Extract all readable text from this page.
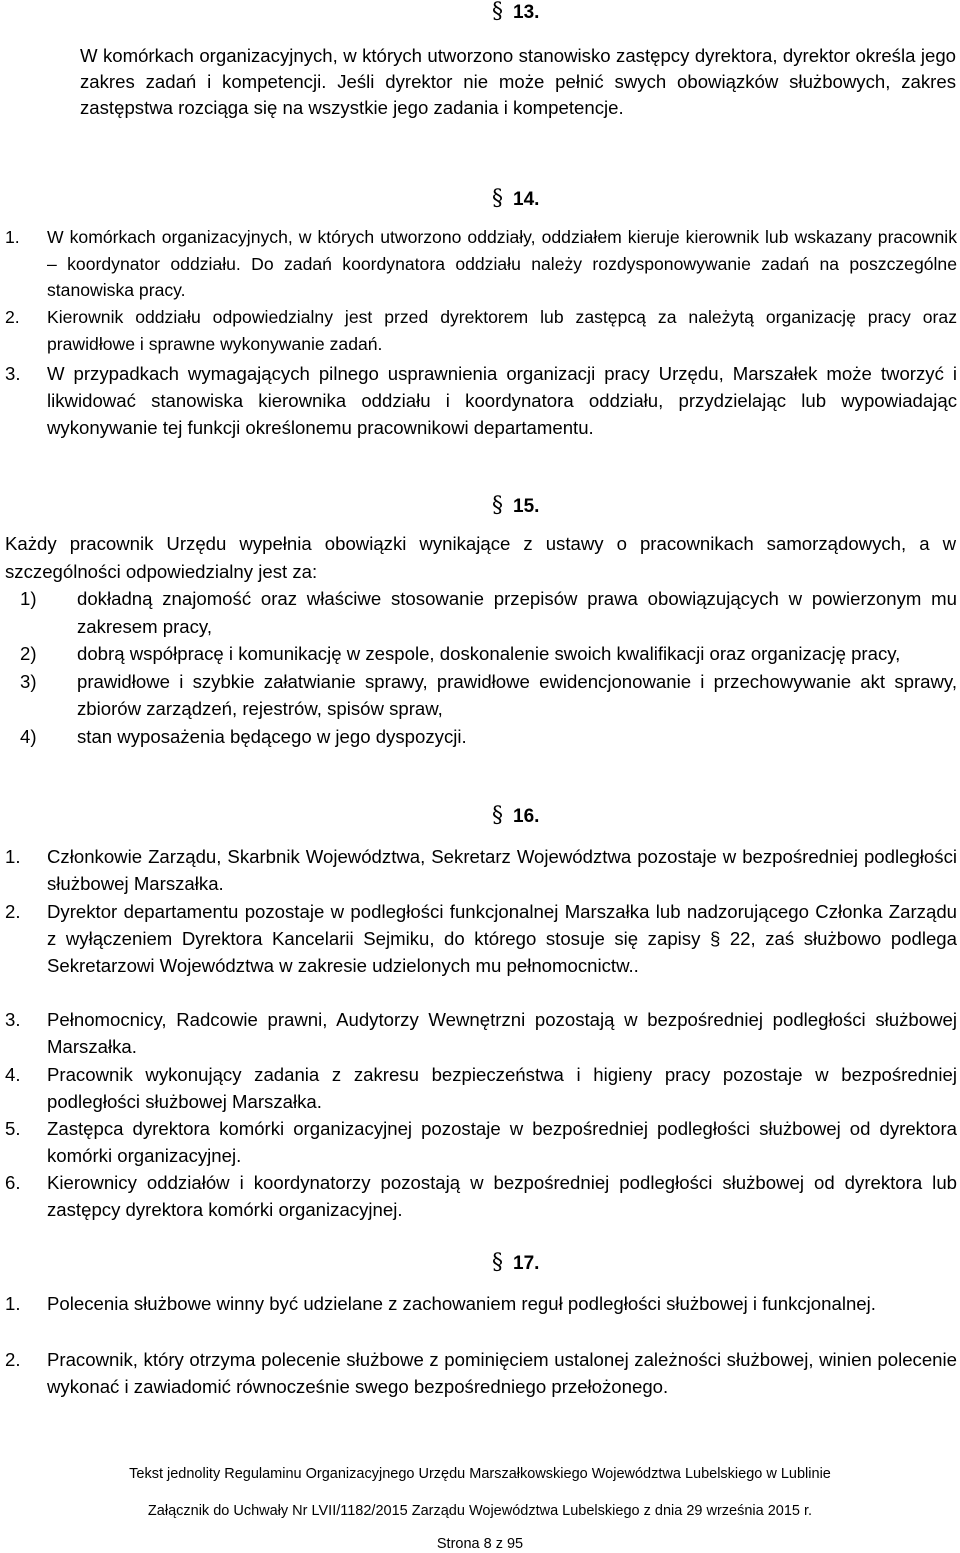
§ 13.
W komórkach organizacyjnych, w których utworzono stanowisko zastępcy dyrektora, dyrektor określa jego zakres zadań i kompetencji. Jeśli dyrektor nie może pełnić swych obowiązków służbowych, zakres zastępstwa rozciąga się na wszystkie jego zadania i kompetencje.
§ 14.
1. W komórkach organizacyjnych, w których utworzono oddziały, oddziałem kieruje kierownik lub wskazany pracownik – koordynator oddziału. Do zadań koordynatora oddziału należy rozdysponowywanie zadań na poszczególne stanowiska pracy.
2. Kierownik oddziału odpowiedzialny jest przed dyrektorem lub zastępcą za należytą organizację pracy oraz prawidłowe i sprawne wykonywanie zadań.
3. W przypadkach wymagających pilnego usprawnienia organizacji pracy Urzędu, Marszałek może tworzyć i likwidować stanowiska kierownika oddziału i koordynatora oddziału, przydzielając lub wypowiadając wykonywanie tej funkcji określonemu pracownikowi departamentu.
§ 15.
Każdy pracownik Urzędu wypełnia obowiązki wynikające z ustawy o pracownikach samorządowych, a w szczególności odpowiedzialny jest za:
1) dokładną znajomość oraz właściwe stosowanie przepisów prawa obowiązujących w powierzonym mu zakresem pracy,
2) dobrą współpracę i komunikację w zespole, doskonalenie swoich kwalifikacji oraz organizację pracy,
3) prawidłowe i szybkie załatwianie sprawy, prawidłowe ewidencjonowanie i przechowywanie akt sprawy, zbiorów zarządzeń, rejestrów, spisów spraw,
4) stan wyposażenia będącego w jego dyspozycji.
§ 16.
1. Członkowie Zarządu, Skarbnik Województwa, Sekretarz Województwa pozostaje w bezpośredniej podległości służbowej Marszałka.
2. Dyrektor departamentu pozostaje w podległości funkcjonalnej Marszałka lub nadzorującego Członka Zarządu z wyłączeniem Dyrektora Kancelarii Sejmiku, do którego stosuje się zapisy § 22, zaś służbowo podlega Sekretarzowi Województwa w zakresie udzielonych mu pełnomocnictw..
3. Pełnomocnicy, Radcowie prawni, Audytorzy Wewnętrzni pozostają w bezpośredniej podległości służbowej Marszałka.
4. Pracownik wykonujący zadania z zakresu bezpieczeństwa i higieny pracy pozostaje w bezpośredniej podległości służbowej Marszałka.
5. Zastępca dyrektora komórki organizacyjnej pozostaje w bezpośredniej podległości służbowej od dyrektora komórki organizacyjnej.
6. Kierownicy oddziałów i koordynatorzy pozostają w bezpośredniej podległości służbowej od dyrektora lub zastępcy dyrektora komórki organizacyjnej.
§ 17.
1. Polecenia służbowe winny być udzielane z zachowaniem reguł podległości służbowej i funkcjonalnej.
2. Pracownik, który otrzyma polecenie służbowe z pominięciem ustalonej zależności służbowej, winien polecenie wykonać i zawiadomić równocześnie swego bezpośredniego przełożonego.
Tekst jednolity Regulaminu Organizacyjnego Urzędu Marszałkowskiego Województwa Lubelskiego w Lublinie
Załącznik do Uchwały Nr LVII/1182/2015 Zarządu Województwa Lubelskiego z dnia 29 września 2015 r.
Strona 8 z 95
